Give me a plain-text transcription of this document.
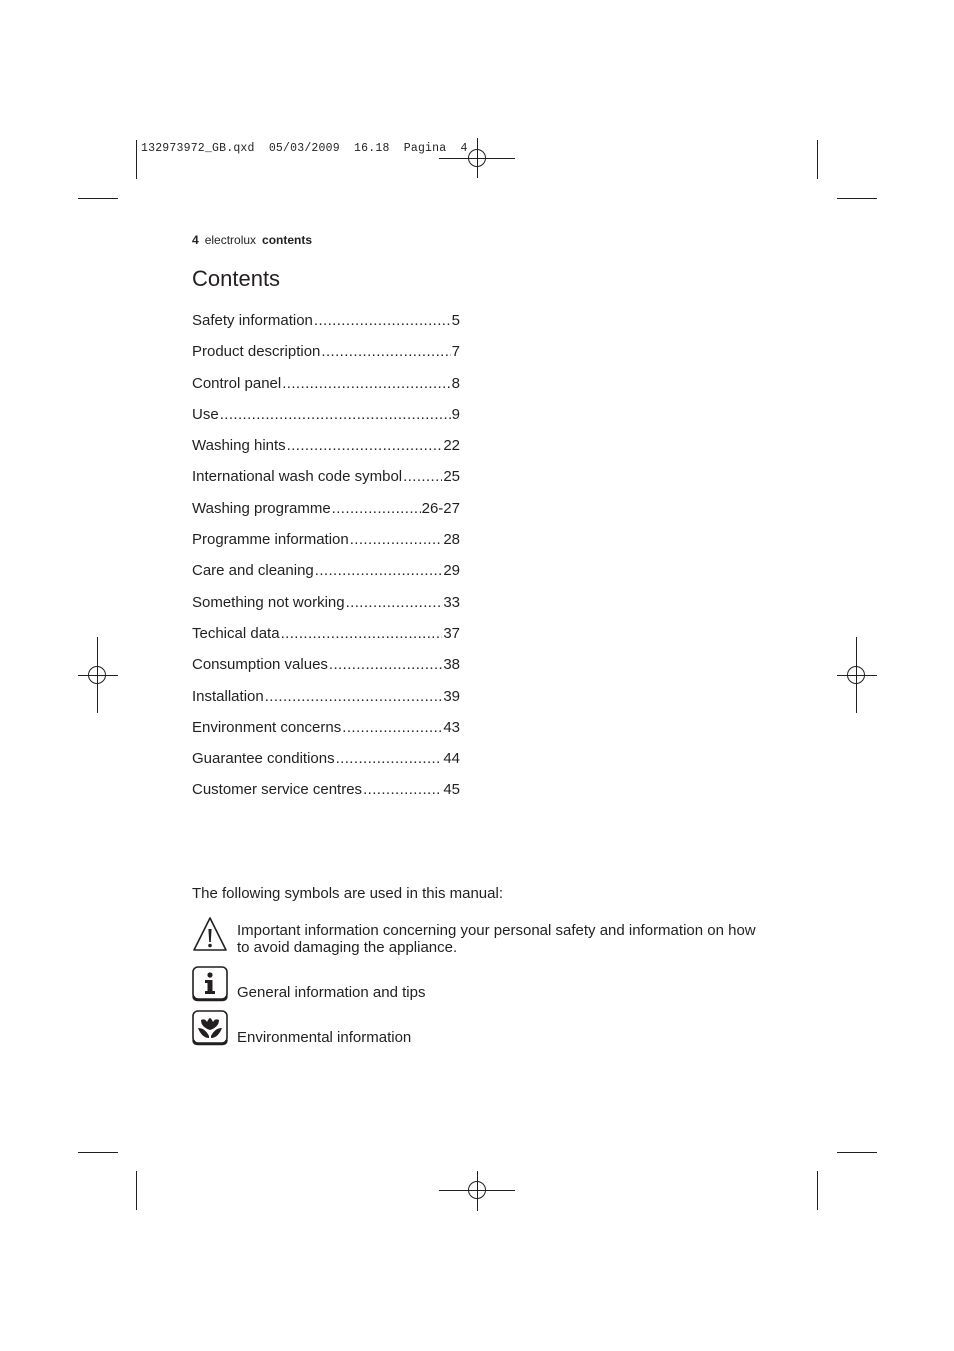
132973972_GB.qxd  05/03/2009  16.18  Pagina  4
4 electrolux contents
Contents
Safety information .....	5
Product description .....	7
Control panel .....	8
Use .....	9
Washing hints .....	22
International wash code symbol .....	25
Washing programme .....	26-27
Programme information .....	28
Care and cleaning .....	29
Something not working .....	33
Techical data .....	37
Consumption values .....	38
Installation .....	39
Environment concerns .....	43
Guarantee conditions .....	44
Customer service centres .....	45
The following symbols are used in this manual:
Important information concerning your personal safety and information on how to avoid damaging the appliance.
General information and tips
Environmental information
